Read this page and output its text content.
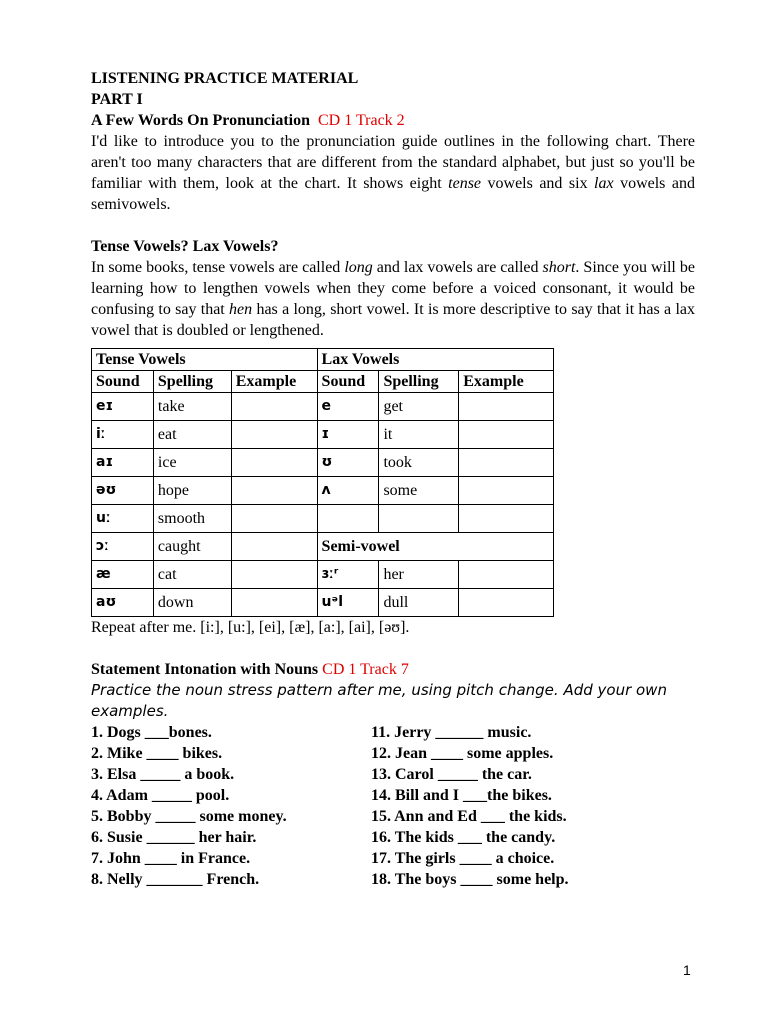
LISTENING PRACTICE MATERIAL
PART I
A Few Words On Pronunciation CD 1 Track 2

I'd like to introduce you to the pronunciation guide outlines in the following chart. There aren't too many characters that are different from the standard alphabet, but just so you'll be familiar with them, look at the chart. It shows eight tense vowels and six lax vowels and semivowels.

Tense Vowels? Lax Vowels?

In some books, tense vowels are called long and lax vowels are called short. Since you will be learning how to lengthen vowels when they come before a voiced consonant, it would be confusing to say that hen has a long, short vowel. It is more descriptive to say that it has a lax vowel that is doubled or lengthened.

Tense Vowels			Lax Vowels		
Sound	Spelling	Example	Sound	Spelling	Example
eɪ	take		e	get	
iː	eat		ɪ	it	
aɪ	ice		ʊ	took	
əʊ	hope		ʌ	some	
uː	smooth				
ɔː	caught		Semi-vowel		
æ	cat		ɜːʳ	her	
aʊ	down		uᵊl	dull	
Repeat after me. [i:], [u:], [ei], [æ], [a:], [ai], [əʊ].
Statement Intonation with Nouns CD 1 Track 7
Practice the noun stress pattern after me, using pitch change. Add your own examples.
1. Dogs ___bones.
2. Mike ____ bikes.
3. Elsa _____ a book.
4. Adam _____ pool.
5. Bobby _____ some money.
6. Susie ______ her hair.
7. John ____ in France.
8. Nelly _______ French.
11. Jerry ______ music.
12. Jean ____ some apples.
13. Carol _____ the car.
14. Bill and I ___the bikes.
15. Ann and Ed ___ the kids.
16. The kids ___ the candy.
17. The girls ____ a choice.
18. The boys ____ some help.
1
